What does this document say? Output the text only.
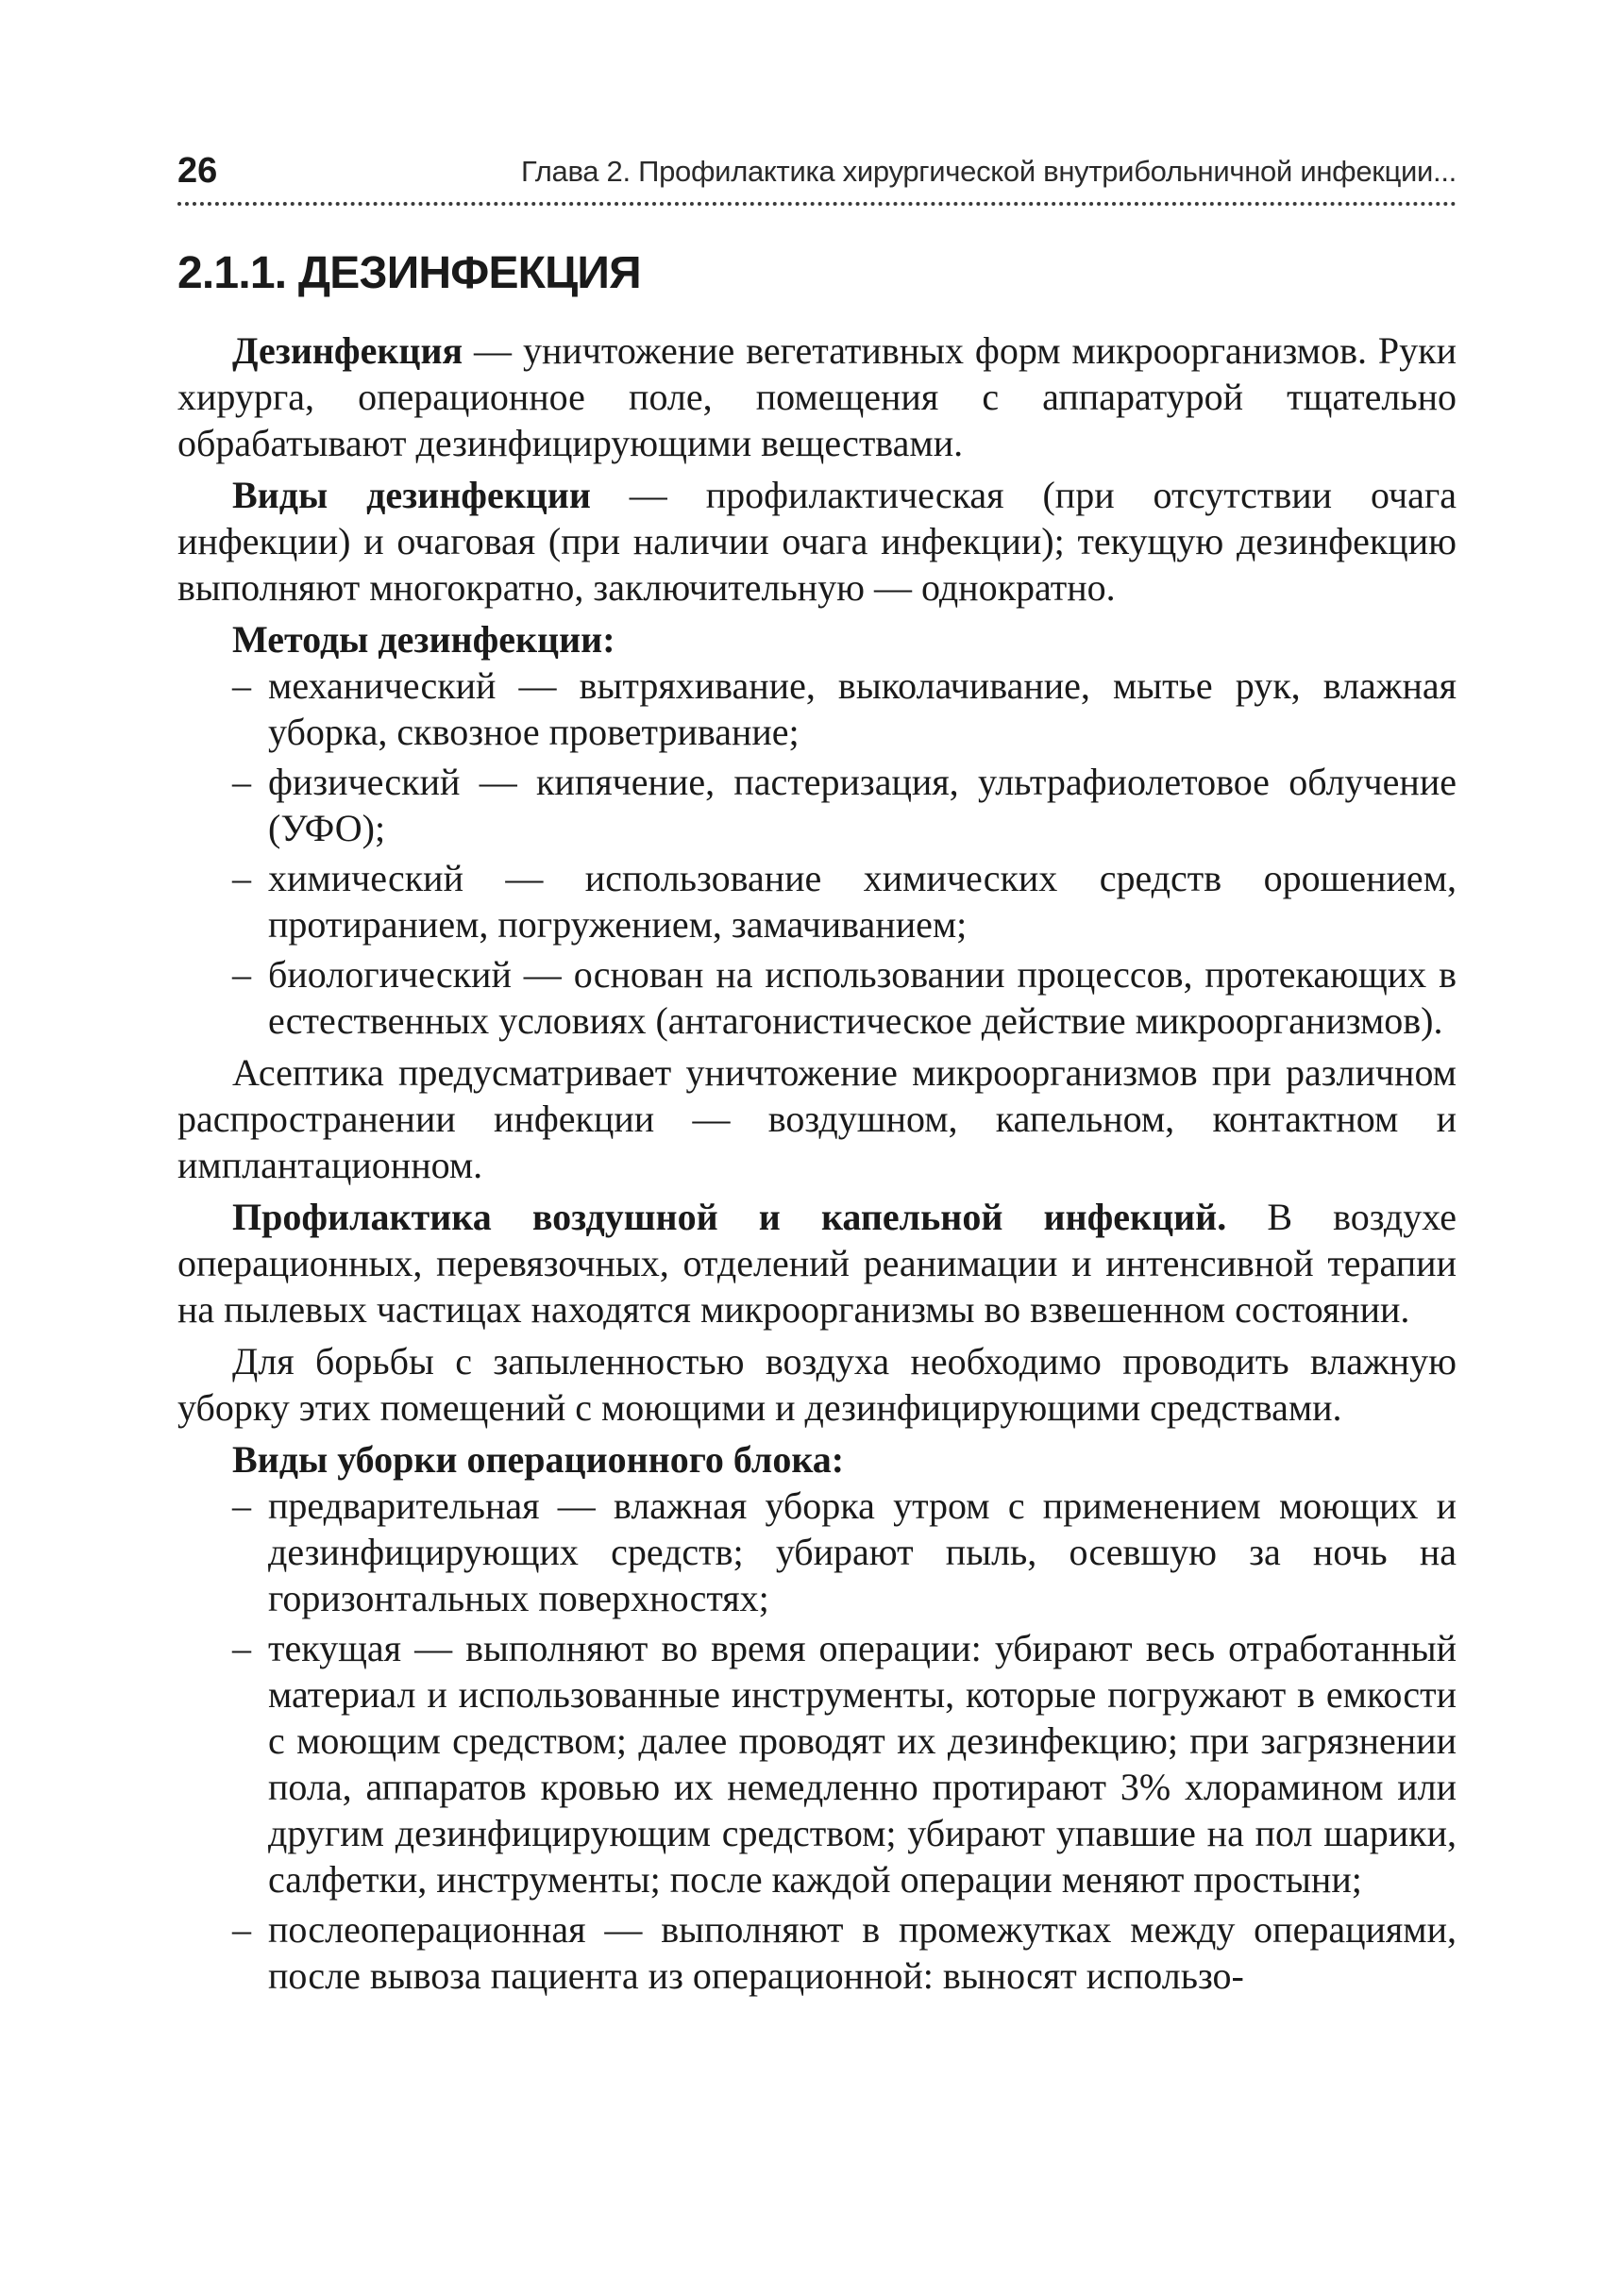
26	Глава 2. Профилактика хирургической внутрибольничной инфекции...
2.1.1. ДЕЗИНФЕКЦИЯ

Дезинфекция — уничтожение вегетативных форм микроорганизмов. Руки хирурга, операционное поле, помещения с аппаратурой тщательно обрабатывают дезинфицирующими веществами.

Виды дезинфекции — профилактическая (при отсутствии очага инфекции) и очаговая (при наличии очага инфекции); текущую дезинфекцию выполняют многократно, заключительную — однократно.

Методы дезинфекции:

– механический — вытряхивание, выколачивание, мытье рук, влажная уборка, сквозное проветривание;
– физический — кипячение, пастеризация, ультрафиолетовое облучение (УФО);
– химический — использование химических средств орошением, протиранием, погружением, замачиванием;
– биологический — основан на использовании процессов, протекающих в естественных условиях (антагонистическое действие микроорганизмов).

Асептика предусматривает уничтожение микроорганизмов при различном распространении инфекции — воздушном, капельном, контактном и имплантационном.

Профилактика воздушной и капельной инфекций. В воздухе операционных, перевязочных, отделений реанимации и интенсивной терапии на пылевых частицах находятся микроорганизмы во взвешенном состоянии.

Для борьбы с запыленностью воздуха необходимо проводить влажную уборку этих помещений с моющими и дезинфицирующими средствами.

Виды уборки операционного блока:

– предварительная — влажная уборка утром с применением моющих и дезинфицирующих средств; убирают пыль, осевшую за ночь на горизонтальных поверхностях;
– текущая — выполняют во время операции: убирают весь отработанный материал и использованные инструменты, которые погружают в емкости с моющим средством; далее проводят их дезинфекцию; при загрязнении пола, аппаратов кровью их немедленно протирают 3% хлорамином или другим дезинфицирующим средством; убирают упавшие на пол шарики, салфетки, инструменты; после каждой операции меняют простыни;
– послеоперационная — выполняют в промежутках между операциями, после вывоза пациента из операционной: выносят использо-
